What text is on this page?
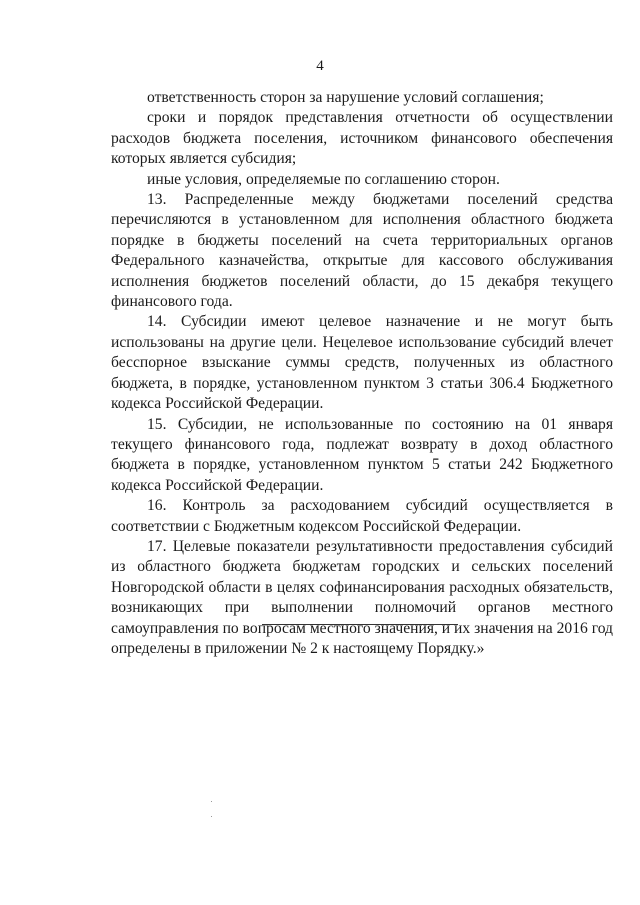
4

ответственность сторон за нарушение условий соглашения;

сроки и порядок представления отчетности об осуществлении расходов бюджета поселения, источником финансового обеспечения которых является субсидия;

иные условия, определяемые по соглашению сторон.

13. Распределенные между бюджетами поселений средства перечисляются в установленном для исполнения областного бюджета порядке в бюджеты поселений на счета территориальных органов Федерального казначейства, открытые для кассового обслуживания исполнения бюджетов поселений области, до 15 декабря текущего финансового года.

14. Субсидии имеют целевое назначение и не могут быть использованы на другие цели. Нецелевое использование субсидий влечет бесспорное взыскание суммы средств, полученных из областного бюджета, в порядке, установленном пунктом 3 статьи 306.4 Бюджетного кодекса Российской Федерации.

15. Субсидии, не использованные по состоянию на 01 января текущего финансового года, подлежат возврату в доход областного бюджета в порядке, установленном пунктом 5 статьи 242 Бюджетного кодекса Российской Федерации.

16. Контроль за расходованием субсидий осуществляется в соответствии с Бюджетным кодексом Российской Федерации.

17. Целевые показатели результативности предоставления субсидий из областного бюджета бюджетам городских и сельских поселений Новгородской области в целях софинансирования расходных обязательств, возникающих при выполнении полномочий органов местного самоуправления по вопросам местного значения, и их значения на 2016 год определены в приложении № 2 к настоящему Порядку.»
